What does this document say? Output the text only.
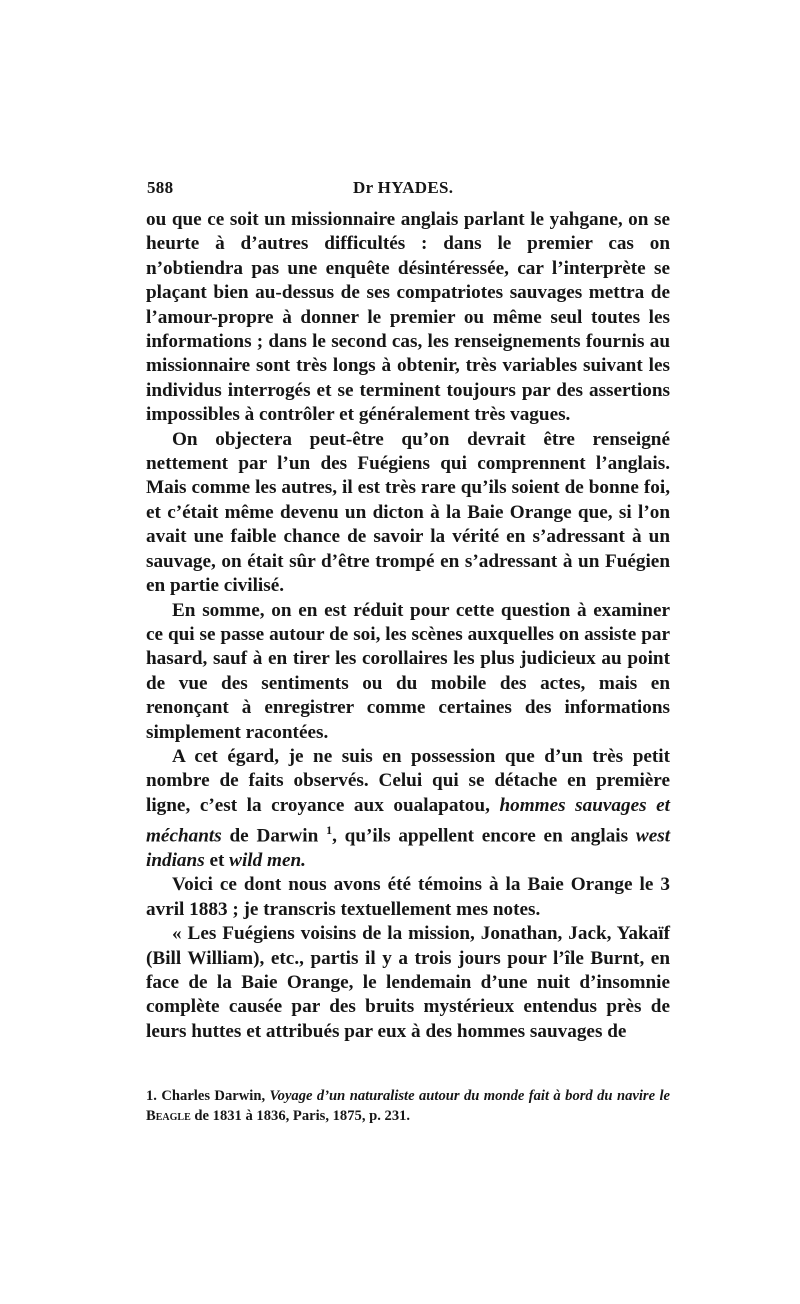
588	Dr HYADES.

ou que ce soit un missionnaire anglais parlant le yahgane, on se heurte à d’autres difficultés : dans le premier cas on n’obtiendra pas une enquête désintéressée, car l’interprète se plaçant bien au-dessus de ses compatriotes sauvages mettra de l’amour-propre à donner le premier ou même seul toutes les informations ; dans le second cas, les renseignements fournis au missionnaire sont très longs à obtenir, très variables suivant les individus interrogés et se terminent toujours par des assertions impossibles à contrôler et généralement très vagues.

On objectera peut-être qu’on devrait être renseigné nettement par l’un des Fuégiens qui comprennent l’anglais. Mais comme les autres, il est très rare qu’ils soient de bonne foi, et c’était même devenu un dicton à la Baie Orange que, si l’on avait une faible chance de savoir la vérité en s’adressant à un sauvage, on était sûr d’être trompé en s’adressant à un Fuégien en partie civilisé.

En somme, on en est réduit pour cette question à examiner ce qui se passe autour de soi, les scènes auxquelles on assiste par hasard, sauf à en tirer les corollaires les plus judicieux au point de vue des sentiments ou du mobile des actes, mais en renonçant à enregistrer comme certaines des informations simplement racontées.

A cet égard, je ne suis en possession que d’un très petit nombre de faits observés. Celui qui se détache en première ligne, c’est la croyance aux oualapatou, hommes sauvages et méchants de Darwin $^1$, qu’ils appellent encore en anglais west indians et wild men.

Voici ce dont nous avons été témoins à la Baie Orange le 3 avril 1883 ; je transcris textuellement mes notes.

« Les Fuégiens voisins de la mission, Jonathan, Jack, Yakaïf (Bill William), etc., partis il y a trois jours pour l’île Burnt, en face de la Baie Orange, le lendemain d’une nuit d’insomnie complète causée par des bruits mystérieux entendus près de leurs huttes et attribués par eux à des hommes sauvages de

1. Charles Darwin, Voyage d’un naturaliste autour du monde fait à bord du navire le Beagle de 1831 à 1836, Paris, 1875, p. 231.
